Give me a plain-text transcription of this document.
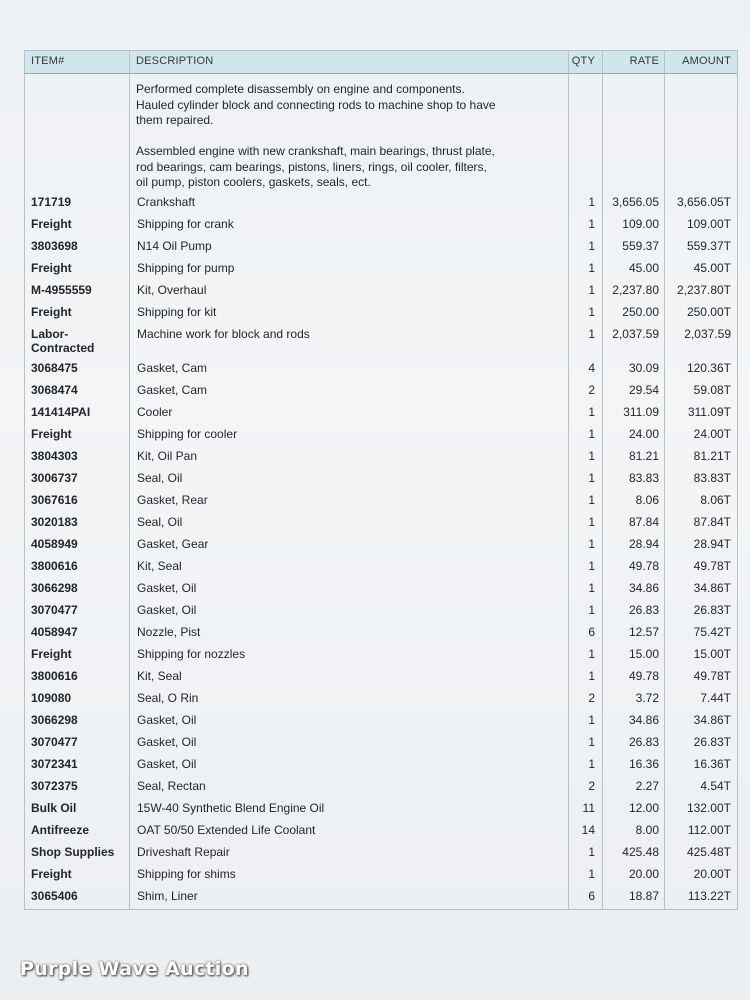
ITEM#	DESCRIPTION	QTY	RATE AMOUNT
Performed complete disassembly on engine and components.
Hauled cylinder block and connecting rods to machine shop to have
them repaired.
Assembled engine with new crankshaft, main bearings, thrust plate,
rod bearings, cam bearings, pistons, liners, rings, oil cooler, filters,
oil pump, piston coolers, gaskets, seals, ect.
171719	Crankshaft	1 3,656.05 3,656.05T
Freight	Shipping for crank	1 109.00 109.00T
3803698	N14 Oil Pump	1 559.37 559.37T
Freight	Shipping for pump	1	45.00	45.00T
M-4955559	Kit, Overhaul	1 2,237.80 2,237.80T
Freight	Shipping for kit	1 250.00 250.00T
Labor-
Contracted
Machine work for block and rods	1 2,037.59 2,037.59
3068475	Gasket, Cam	4	30.09 120.36T
3068474	Gasket, Cam	2	29.54	59.08T
141414PAI	Cooler	1 311.09 311.09T
Freight	Shipping for cooler	1	24.00	24.00T
3804303	Kit, Oil Pan	1	81.21	81.21T
3006737	Seal, Oil	1	83.83	83.83T
3067616	Gasket, Rear	1	8.06	8.06T
3020183	Seal, Oil	1	87.84	87.84T
4058949	Gasket, Gear	1	28.94	28.94T
3800616	Kit, Seal	1	49.78	49.78T
3066298	Gasket, Oil	1	34.86	34.86T
3070477	Gasket, Oil	1	26.83	26.83T
4058947	Nozzle, Pist	6	12.57	75.42T
Freight	Shipping for nozzles	1	15.00	15.00T
3800616	Kit, Seal	1	49.78	49.78T
109080	Seal, O Rin	2	3.72	7.44T
3066298	Gasket, Oil	1	34.86	34.86T
3070477	Gasket, Oil	1	26.83	26.83T
3072341	Gasket, Oil	1	16.36	16.36T
3072375	Seal, Rectan	2	2.27	4.54T
Bulk Oil	15W-40 Synthetic Blend Engine Oil	11	12.00 132.00T
Antifreeze	OAT 50/50 Extended Life Coolant	14	8.00 112.00T
Shop Supplies	Driveshaft Repair	1 425.48 425.48T
Freight	Shipping for shims	1	20.00	20.00T
3065406	Shim, Liner	6	18.87 113.22T
Purple Wave Auction
